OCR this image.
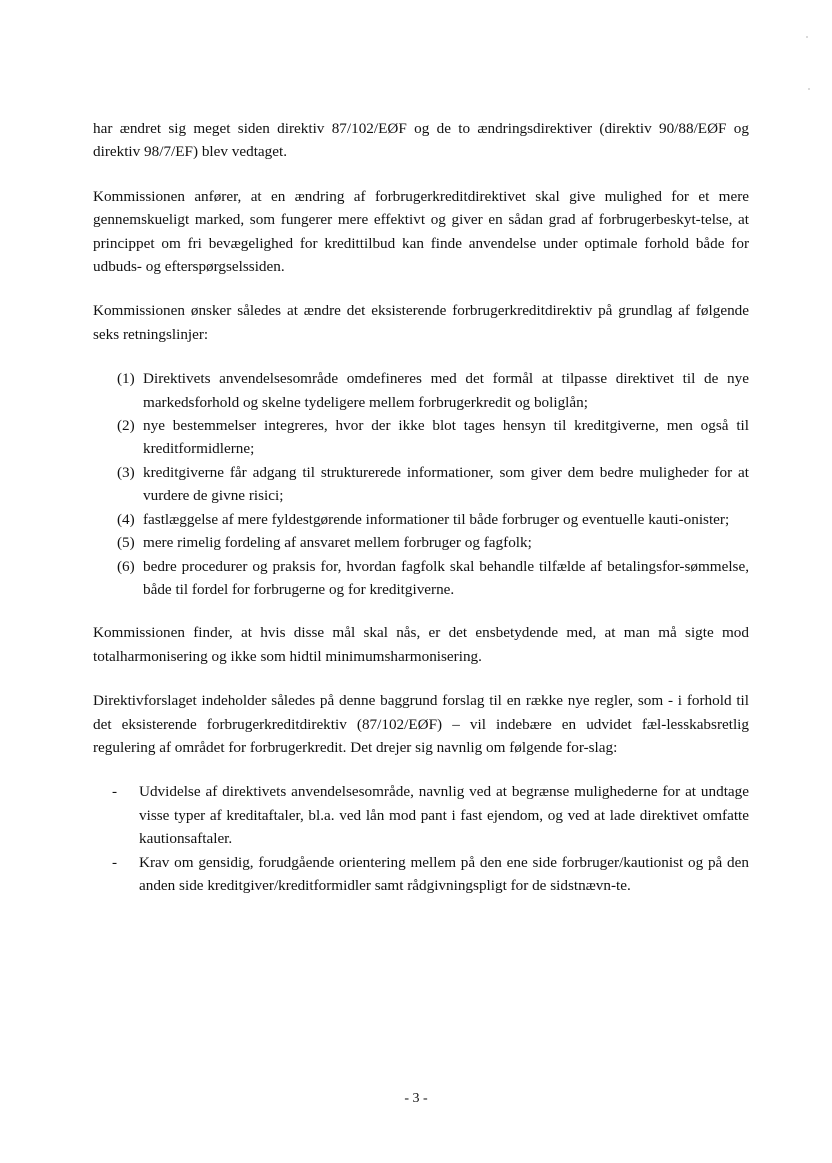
har ændret sig meget siden direktiv 87/102/EØF og de to ændringsdirektiver (direktiv 90/88/EØF og direktiv 98/7/EF) blev vedtaget.

Kommissionen anfører, at en ændring af forbrugerkreditdirektivet skal give mulighed for et mere gennemskueligt marked, som fungerer mere effektivt og giver en sådan grad af forbrugerbeskyt-telse, at princippet om fri bevægelighed for kredittilbud kan finde anvendelse under optimale forhold både for udbuds- og efterspørgselssiden.

Kommissionen ønsker således at ændre det eksisterende forbrugerkreditdirektiv på grundlag af følgende seks retningslinjer:

(1) Direktivets anvendelsesområde omdefineres med det formål at tilpasse direktivet til de nye markedsforhold og skelne tydeligere mellem forbrugerkredit og boliglån;
(2) nye bestemmelser integreres, hvor der ikke blot tages hensyn til kreditgiverne, men også til kreditformidlerne;
(3) kreditgiverne får adgang til strukturerede informationer, som giver dem bedre muligheder for at vurdere de givne risici;
(4) fastlæggelse af mere fyldestgørende informationer til både forbruger og eventuelle kauti-onister;
(5) mere rimelig fordeling af ansvaret mellem forbruger og fagfolk;
(6) bedre procedurer og praksis for, hvordan fagfolk skal behandle tilfælde af betalingsfor-sømmelse, både til fordel for forbrugerne og for kreditgiverne.

Kommissionen finder, at hvis disse mål skal nås, er det ensbetydende med, at man må sigte mod totalharmonisering og ikke som hidtil minimumsharmonisering.

Direktivforslaget indeholder således på denne baggrund forslag til en række nye regler, som - i forhold til det eksisterende forbrugerkreditdirektiv (87/102/EØF) – vil indebære en udvidet fæl-lesskabsretlig regulering af området for forbrugerkredit. Det drejer sig navnlig om følgende for-slag:

-	Udvidelse af direktivets anvendelsesområde, navnlig ved at begrænse mulighederne for at undtage visse typer af kreditaftaler, bl.a. ved lån mod pant i fast ejendom, og ved at lade direktivet omfatte kautionsaftaler.
-	Krav om gensidig, forudgående orientering mellem på den ene side forbruger/kautionist og på den anden side kreditgiver/kreditformidler samt rådgivningspligt for de sidstnævn-te.
- 3 -
